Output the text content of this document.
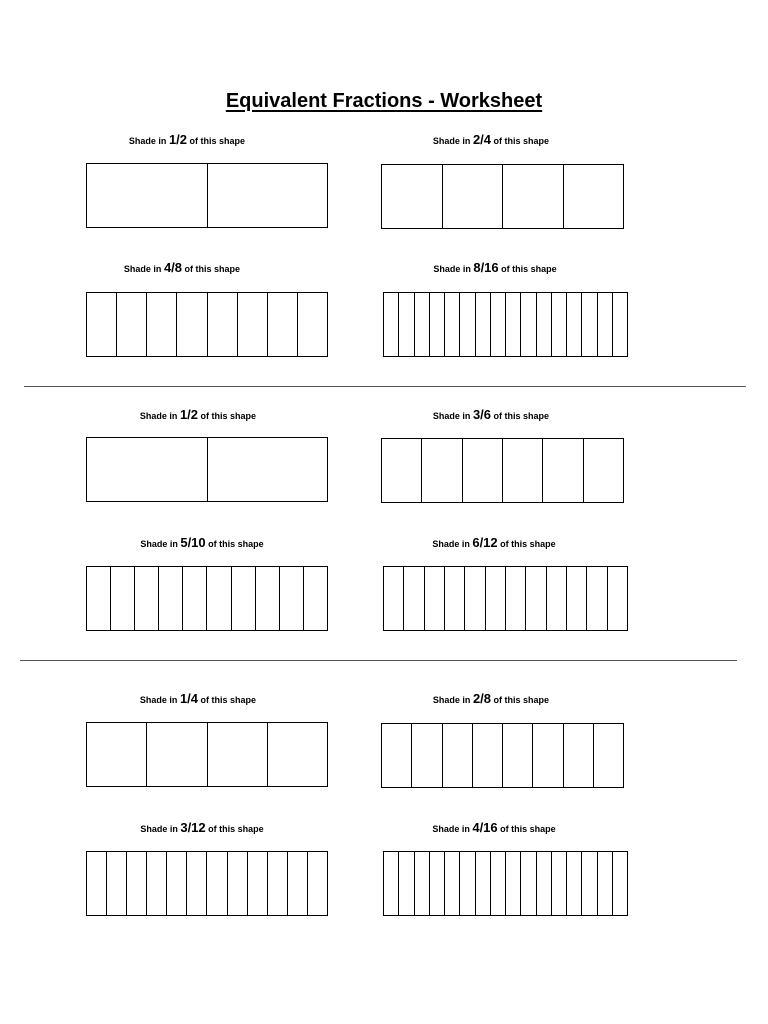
Equivalent Fractions - Worksheet
Shade in 1/2 of this shape	Shade in 2/4 of this shape
Shade in 4/8 of this shape	Shade in 8/16 of this shape
Shade in 1/2 of this shape	Shade in 3/6 of this shape
Shade in 5/10 of this shape	Shade in 6/12 of this shape
Shade in 1/4 of this shape	Shade in 2/8 of this shape
Shade in 3/12 of this shape	Shade in 4/16 of this shape
